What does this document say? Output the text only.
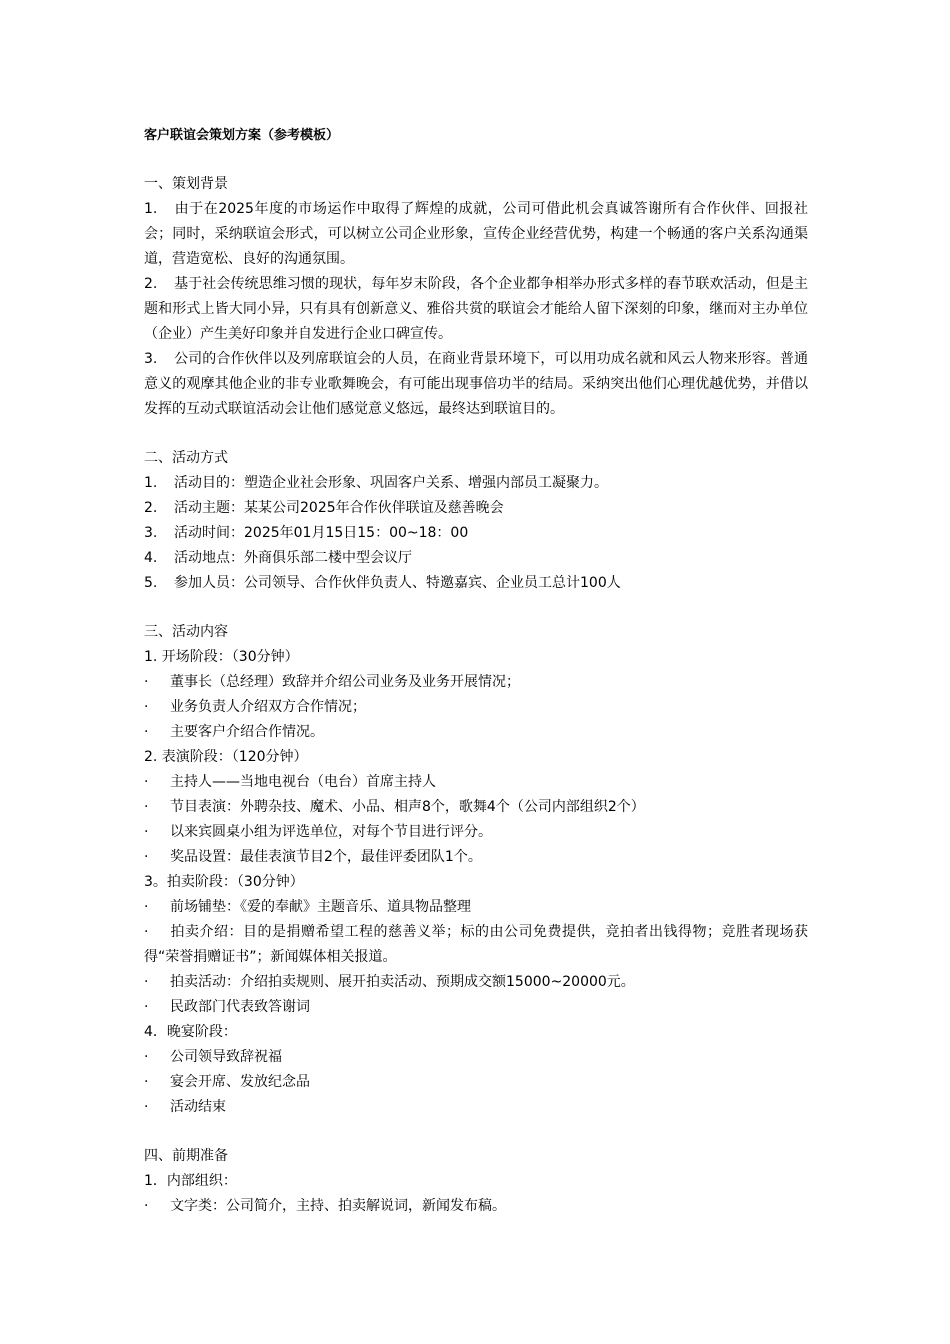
客户联谊会策划方案（参考模板）

一、策划背景

1. 由于在2025年度的市场运作中取得了辉煌的成就，公司可借此机会真诚答谢所有合作伙伴、回报社会；同时，采纳联谊会形式，可以树立公司企业形象，宣传企业经营优势，构建一个畅通的客户关系沟通渠道，营造宽松、良好的沟通氛围。

2. 基于社会传统思维习惯的现状，每年岁末阶段，各个企业都争相举办形式多样的春节联欢活动，但是主题和形式上皆大同小异，只有具有创新意义、雅俗共赏的联谊会才能给人留下深刻的印象，继而对主办单位（企业）产生美好印象并自发进行企业口碑宣传。

3. 公司的合作伙伴以及列席联谊会的人员，在商业背景环境下，可以用功成名就和风云人物来形容。普通意义的观摩其他企业的非专业歌舞晚会，有可能出现事倍功半的结局。采纳突出他们心理优越优势，并借以发挥的互动式联谊活动会让他们感觉意义悠远，最终达到联谊目的。

二、活动方式

1. 活动目的：塑造企业社会形象、巩固客户关系、增强内部员工凝聚力。

2. 活动主题：某某公司2025年合作伙伴联谊及慈善晚会

3. 活动时间：2025年01月15日15：00~18：00

4. 活动地点：外商俱乐部二楼中型会议厅

5. 参加人员：公司领导、合作伙伴负责人、特邀嘉宾、企业员工总计100人

三、活动内容

1. 开场阶段：（30分钟）

· 董事长（总经理）致辞并介绍公司业务及业务开展情况；

· 业务负责人介绍双方合作情况；

· 主要客户介绍合作情况。

2. 表演阶段：（120分钟）

· 主持人——当地电视台（电台）首席主持人

· 节目表演：外聘杂技、魔术、小品、相声8个，歌舞4个（公司内部组织2个）

· 以来宾圆桌小组为评选单位，对每个节目进行评分。

· 奖品设置：最佳表演节目2个，最佳评委团队1个。

3。拍卖阶段：（30分钟）

· 前场铺垫：《爱的奉献》主题音乐、道具物品整理

· 拍卖介绍：目的是捐赠希望工程的慈善义举；标的由公司免费提供，竞拍者出钱得物；竞胜者现场获得“荣誉捐赠证书”；新闻媒体相关报道。

· 拍卖活动：介绍拍卖规则、展开拍卖活动、预期成交额15000~20000元。

· 民政部门代表致答谢词

4．晚宴阶段：

· 公司领导致辞祝福

· 宴会开席、发放纪念品

· 活动结束

四、前期准备

1．内部组织：

· 文字类：公司简介，主持、拍卖解说词，新闻发布稿。
